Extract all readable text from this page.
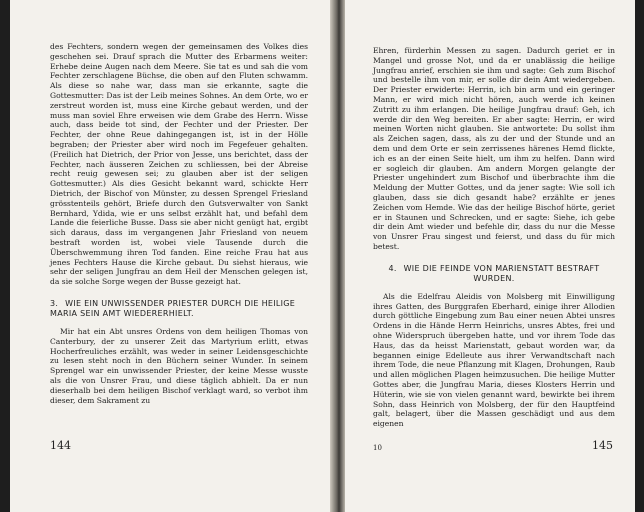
des Fechters, sondern wegen der gemeinsamen des Volkes dies geschehen sei. Drauf sprach die Mutter des Erbarmens weiter: Erhebe deine Augen nach dem Meere. Sie tat es und sah die vom Fechter zerschlagene Büchse, die oben auf den Fluten schwamm. Als diese so nahe war, dass man sie erkannte, sagte die Gottesmutter: Das ist der Leib meines Sohnes. An dem Orte, wo er zerstreut worden ist, muss eine Kirche gebaut werden, und der muss man soviel Ehre erweisen wie dem Grabe des Herrn. Wisse auch, dass beide tot sind, der Fechter und der Priester. Der Fechter, der ohne Reue dahingegangen ist, ist in der Hölle begraben; der Priester aber wird noch im Fegefeuer gehalten. (Freilich hat Dietrich, der Prior von Jesse, uns berichtet, dass der Fechter, nach äusseren Zeichen zu schliessen, bei der Abreise recht reuig gewesen sei; zu glauben aber ist der seligen Gottesmutter.) Als dies Gesicht bekannt ward, schickte Herr Dietrich, der Bischof von Münster, zu dessen Sprengel Friesland grösstenteils gehört, Briefe durch den Gutsverwalter von Sankt Bernhard, Ydida, wie er uns selbst erzählt hat, und befahl dem Lande die feierliche Busse. Dass sie aber nicht genügt hat, ergibt sich daraus, dass im vergangenen Jahr Friesland von neuem bestraft worden ist, wobei viele Tausende durch die Überschwemmung ihren Tod fanden. Eine reiche Frau hat aus jenes Fechters Hause die Kirche gebaut. Du siehst hieraus, wie sehr der seligen Jungfrau an dem Heil der Menschen gelegen ist, da sie solche Sorge wegen der Busse gezeigt hat.

3. WIE EIN UNWISSENDER PRIESTER DURCH DIE HEILIGE MARIA SEIN AMT WIEDERERHIELT.

Mir hat ein Abt unsres Ordens von dem heiligen Thomas von Canterbury, der zu unserer Zeit das Martyrium erlitt, etwas Hocherfreuliches erzählt, was weder in seiner Leidensgeschichte zu lesen steht noch in den Büchern seiner Wunder. In seinem Sprengel war ein unwissender Priester, der keine Messe wusste als die von Unsrer Frau, und diese täglich abhielt. Da er nun dieserhalb bei dem heiligen Bischof verklagt ward, so verbot ihm dieser, dem Sakrament zu

144

Ehren, fürderhin Messen zu sagen. Dadurch geriet er in Mangel und grosse Not, und da er unablässig die heilige Jungfrau anrief, erschien sie ihm und sagte: Geh zum Bischof und bestelle ihm von mir, er solle dir dein Amt wiedergeben. Der Priester erwiderte: Herrin, ich bin arm und ein geringer Mann, er wird mich nicht hören, auch werde ich keinen Zutritt zu ihm erlangen. Die heilige Jungfrau drauf: Geh, ich werde dir den Weg bereiten. Er aber sagte: Herrin, er wird meinen Worten nicht glauben. Sie antwortete: Du sollst ihm als Zeichen sagen, dass, als zu der und der Stunde und an dem und dem Orte er sein zerrissenes härenes Hemd flickte, ich es an der einen Seite hielt, um ihm zu helfen. Dann wird er sogleich dir glauben. Am andern Morgen gelangte der Priester ungehindert zum Bischof und überbrachte ihm die Meldung der Mutter Gottes, und da jener sagte: Wie soll ich glauben, dass sie dich gesandt habe? erzählte er jenes Zeichen vom Hemde. Wie das der heilige Bischof hörte, geriet er in Staunen und Schrecken, und er sagte: Siehe, ich gebe dir dein Amt wieder und befehle dir, dass du nur die Messe von Unsrer Frau singest und feierst, und dass du für mich betest.

4. WIE DIE FEINDE VON MARIENSTATT BESTRAFT WURDEN.

Als die Edelfrau Aleidis von Molsberg mit Einwilligung ihres Gatten, des Burggrafen Eberhard, einige ihrer Allodien durch göttliche Eingebung zum Bau einer neuen Abtei unsres Ordens in die Hände Herrn Heinrichs, unsres Abtes, frei und ohne Widerspruch übergeben hatte, und vor ihrem Tode das Haus, das da heisst Marienstatt, gebaut worden war, da begannen einige Edelleute aus ihrer Verwandtschaft nach ihrem Tode, die neue Pflanzung mit Klagen, Drohungen, Raub und allen möglichen Plagen heimzusuchen. Die heilige Mutter Gottes aber, die Jungfrau Maria, dieses Klosters Herrin und Hüterin, wie sie von vielen genannt ward, bewirkte bei ihrem Sohn, dass Heinrich von Molsberg, der für den Hauptfeind galt, belagert, über die Massen geschädigt und aus dem eigenen

10	145
